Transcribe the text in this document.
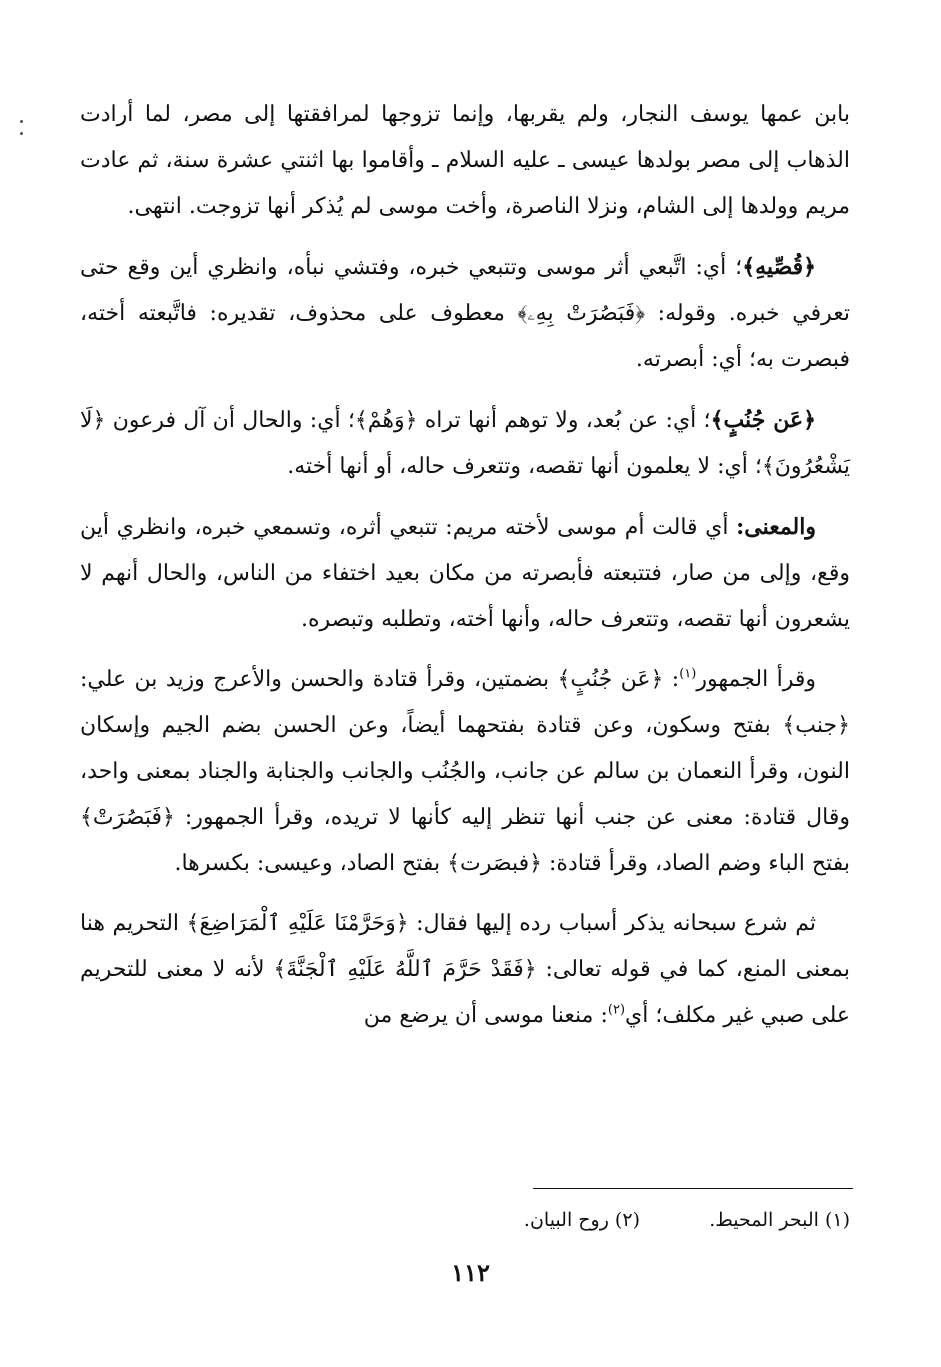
بابن عمها يوسف النجار، ولم يقربها، وإنما تزوجها لمرافقتها إلى مصر، لما أرادت الذهاب إلى مصر بولدها عيسى ـ عليه السلام ـ وأقاموا بها اثنتي عشرة سنة، ثم عادت مريم وولدها إلى الشام، ونزلا الناصرة، وأخت موسى لم يُذكر أنها تزوجت. انتهى.

﴿قُصِّيهِ﴾؛ أي: اتَّبعي أثر موسى وتتبعي خبره، وفتشي نبأه، وانظري أين وقع حتى تعرفي خبره. وقوله: ﴿فَبَصُرَتْ بِهِۦ﴾ معطوف على محذوف، تقديره: فاتَّبعته أخته، فبصرت به؛ أي: أبصرته.

﴿عَن جُنُبٍ﴾؛ أي: عن بُعد، ولا توهم أنها تراه ﴿وَهُمْ﴾؛ أي: والحال أن آل فرعون ﴿لَا يَشْعُرُونَ﴾؛ أي: لا يعلمون أنها تقصه، وتتعرف حاله، أو أنها أخته.

والمعنى: أي قالت أم موسى لأخته مريم: تتبعي أثره، وتسمعي خبره، وانظري أين وقع، وإلى من صار، فتتبعته فأبصرته من مكان بعيد اختفاء من الناس، والحال أنهم لا يشعرون أنها تقصه، وتتعرف حاله، وأنها أخته، وتطلبه وتبصره.

وقرأ الجمهور$^{(١)}$: ﴿عَن جُنُبٍ﴾ بضمتين، وقرأ قتادة والحسن والأعرج وزيد بن علي: ﴿جنب﴾ بفتح وسكون، وعن قتادة بفتحهما أيضاً، وعن الحسن بضم الجيم وإسكان النون، وقرأ النعمان بن سالم عن جانب، والجُنُب والجانب والجنابة والجناد بمعنى واحد، وقال قتادة: معنى عن جنب أنها تنظر إليه كأنها لا تريده، وقرأ الجمهور: ﴿فَبَصُرَتْ﴾ بفتح الباء وضم الصاد، وقرأ قتادة: ﴿فبصَرت﴾ بفتح الصاد، وعيسى: بكسرها.

ثم شرع سبحانه يذكر أسباب رده إليها فقال: ﴿وَحَرَّمْنَا عَلَيْهِ ٱلْمَرَاضِعَ﴾ التحريم هنا بمعنى المنع، كما في قوله تعالى: ﴿فَقَدْ حَرَّمَ ٱللَّهُ عَلَيْهِ ٱلْجَنَّةَ﴾ لأنه لا معنى للتحريم على صبي غير مكلف؛ أي$^{(٢)}$: منعنا موسى أن يرضع من

(١) البحر المحيط.
(٢) روح البيان.
١١٢
